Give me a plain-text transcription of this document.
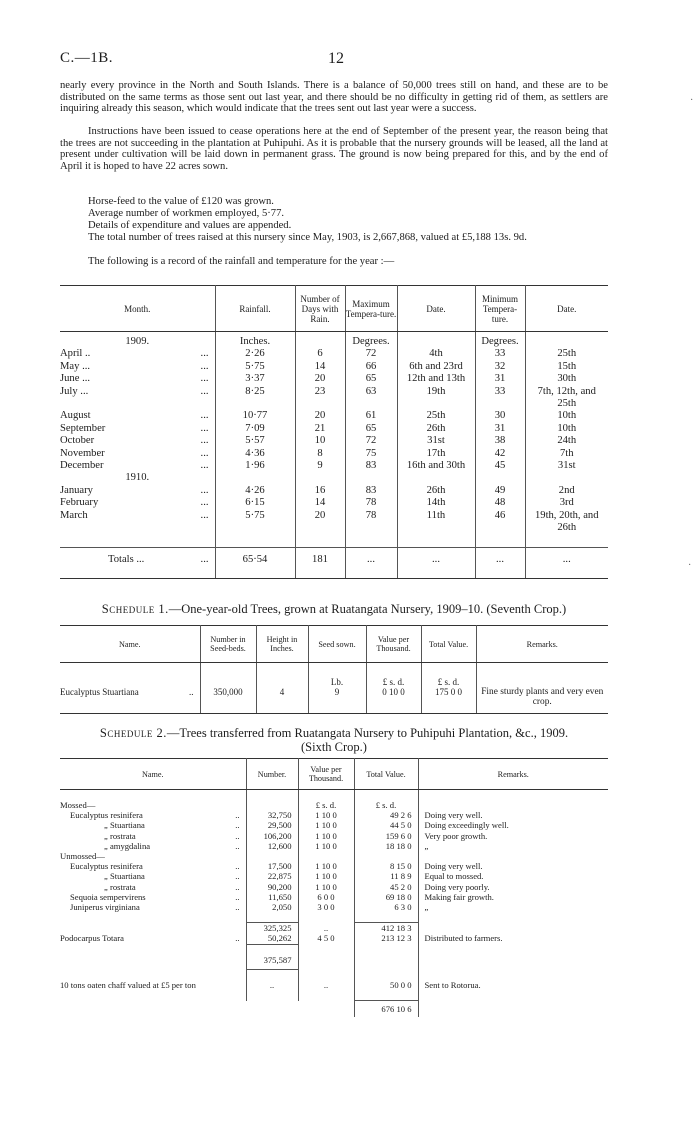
C.—1B.	12

nearly every province in the North and South Islands. There is a balance of 50,000 trees still on hand, and these are to be distributed on the same terms as those sent out last year, and there should be no difficulty in getting rid of them, as settlers are inquiring already this season, which would indicate that the trees sent out last year were a success.

Instructions have been issued to cease operations here at the end of September of the present year, the reason being that the trees are not succeeding in the plantation at Puhipuhi. As it is probable that the nursery grounds will be leased, all the land at present under cultivation will be laid down in permanent grass. The ground is now being prepared for this, and by the end of April it is hoped to have 22 acres sown.

Horse-feed to the value of £120 was grown.

Average number of workmen employed, 5·77.

Details of expenditure and values are appended.

The total number of trees raised at this nursery since May, 1903, is 2,667,868, valued at £5,188 13s. 9d.

The following is a record of the rainfall and temperature for the year :—

Month.	Rainfall.	Number of Days with Rain.	Maximum Tempera-ture.	Date.	Minimum Tempera-ture.	Date.
1909.	Inches.		Degrees.		Degrees.	
April .. ...	2·26	6	72	4th	33	25th
May ... ...	5·75	14	66	6th and 23rd	32	15th
June ... ...	3·37	20	65	12th and 13th	31	30th
July ... ...	8·25	23	63	19th	33	7th, 12th, and 25th
August ...	10·77	20	61	25th	30	10th
September ...	7·09	21	65	26th	31	10th
October ...	5·57	10	72	31st	38	24th
November ...	4·36	8	75	17th	42	7th
December ...	1·96	9	83	16th and 30th	45	31st
1910.						
January ...	4·26	16	83	26th	49	2nd
February ...	6·15	14	78	14th	48	3rd
March ...	5·75	20	78	11th	46	19th, 20th, and 26th

Totals ... ...	65·54	181	...	...	...	...
Schedule 1.—One-year-old Trees, grown at Ruatangata Nursery, 1909–10. (Seventh Crop.)
Name.	Number in Seed-beds.	Height in Inches.	Seed sown.	Value per Thousand.	Total Value.	Remarks.

			Lb.	£ s. d.	£ s. d.	
Eucalyptus Stuartiana ..	350,000	4	9	0 10 0	175 0 0	Fine sturdy plants and very even crop.
Schedule 2.—Trees transferred from Ruatangata Nursery to Puhipuhi Plantation, &c., 1909.
(Sixth Crop.)
Name.	Number.	Value per Thousand.	Total Value.	Remarks.

Mossed—		£ s. d.	£ s. d.	
Eucalyptus resinifera ..	32,750	1 10 0	49 2 6	Doing very well.
„ Stuartiana ..	29,500	1 10 0	44 5 0	Doing exceedingly well.
„ rostrata ..	106,200	1 10 0	159 6 0	Very poor growth.
„ amygdalina ..	12,600	1 10 0	18 18 0	„
Unmossed—				
Eucalyptus resinifera ..	17,500	1 10 0	8 15 0	Doing very well.
„ Stuartiana ..	22,875	1 10 0	11 8 9	Equal to mossed.
„ rostrata ..	90,200	1 10 0	45 2 0	Doing very poorly.
Sequoia sempervirens ..	11,650	6 0 0	69 18 0	Making fair growth.
Juniperus virginiana ..	2,050	3 0 0	6 3 0	„

	325,325	..	412 18 3	
Podocarpus Totara ..	50,262	4 5 0	213 12 3	Distributed to farmers.

	375,587			

10 tons oaten chaff valued at £5 per ton	..	..	50 0 0	Sent to Rotorua.

			676 10 6	
·
·
